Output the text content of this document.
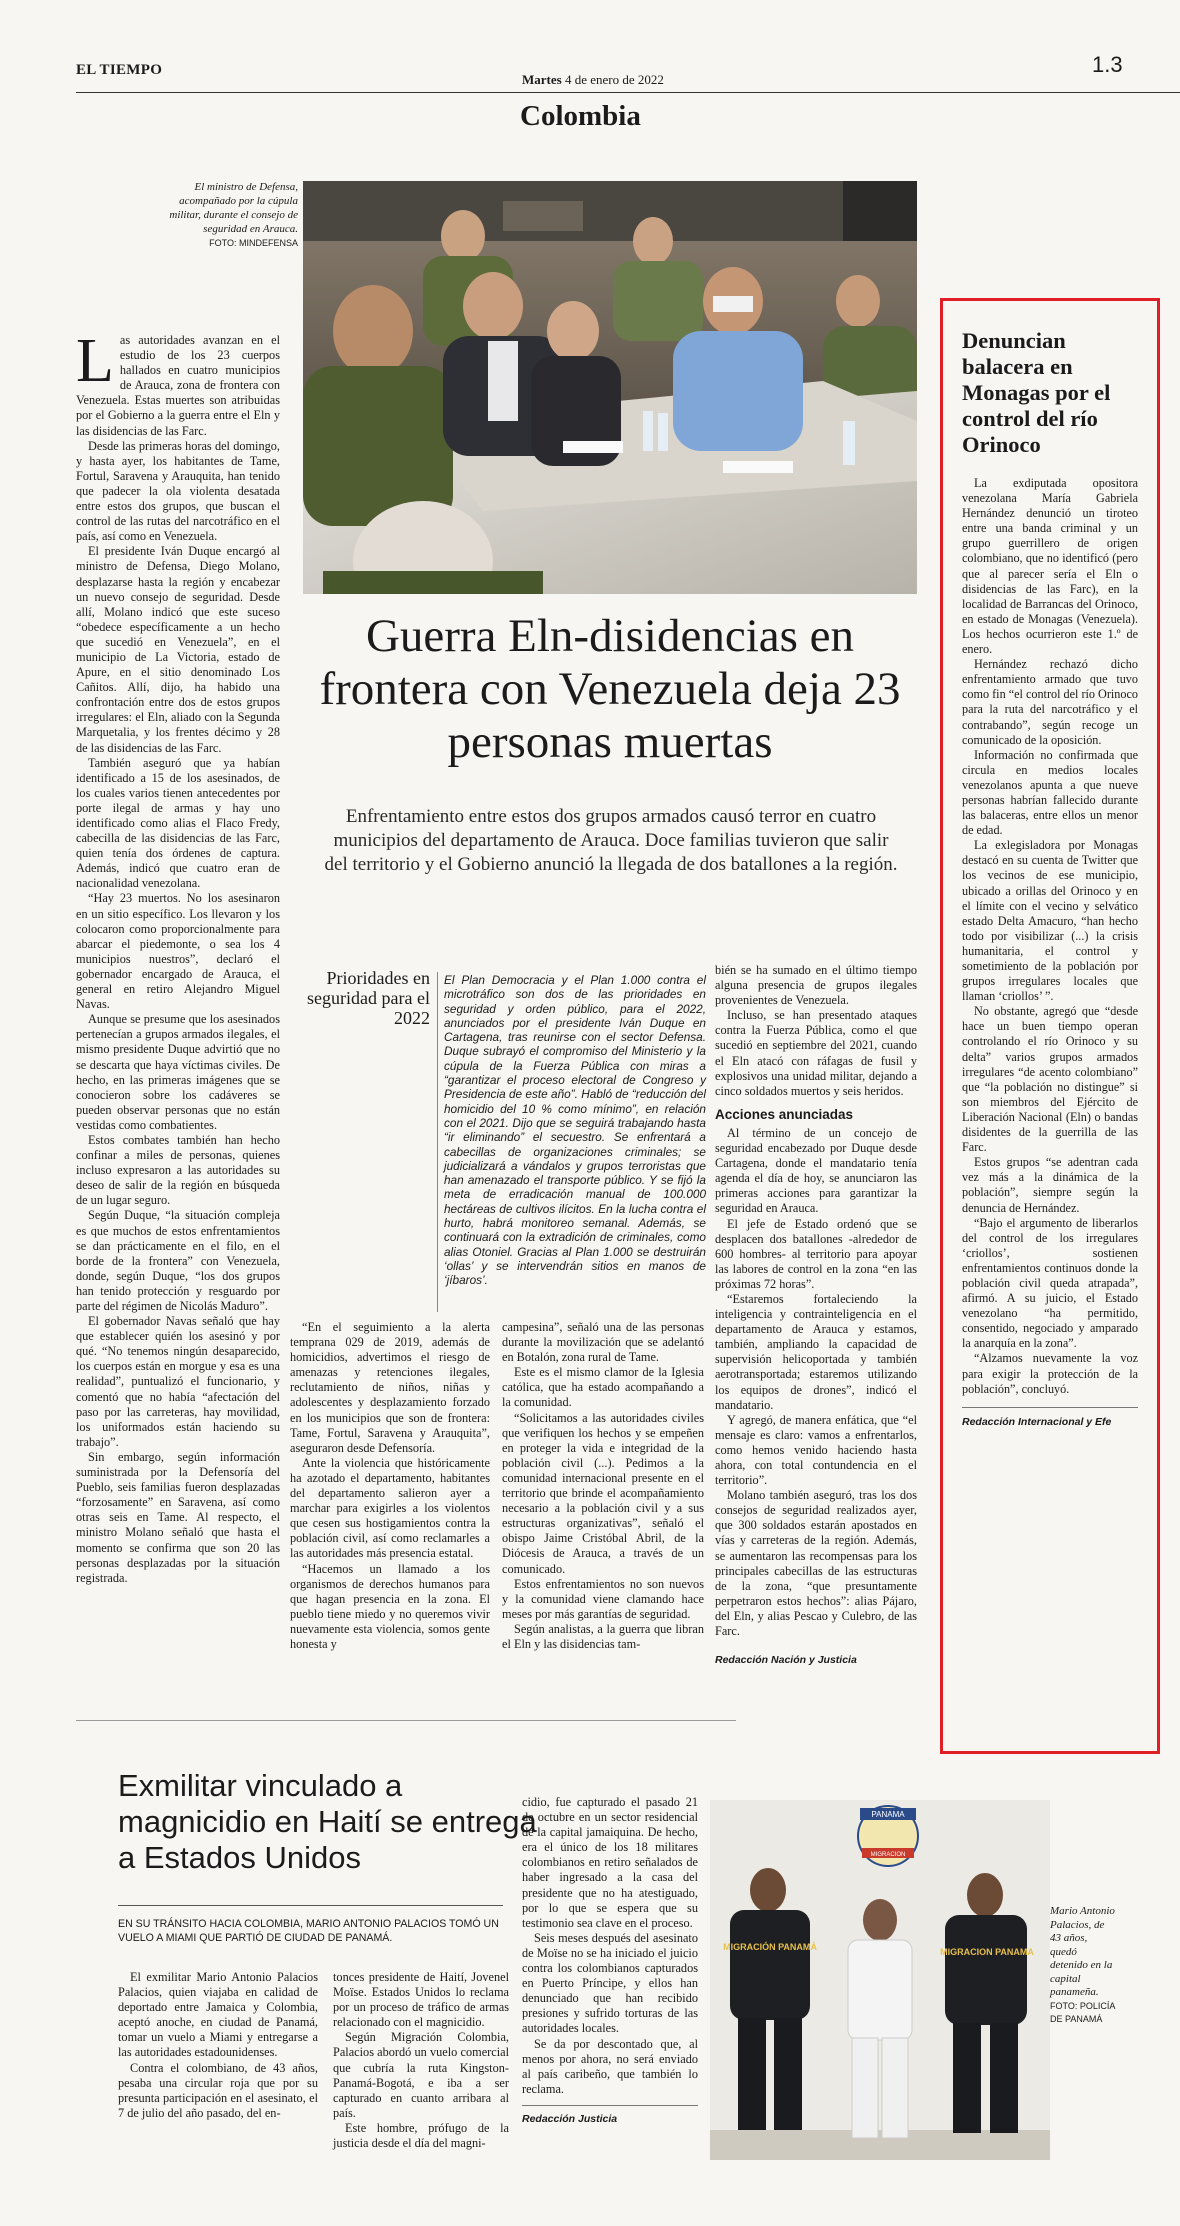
EL TIEMPO
Martes 4 de enero de 2022
1.3
Colombia
El ministro de Defensa, acompañado por la cúpula militar, durante el consejo de seguridad en Arauca.
FOTO: MINDEFENSA
L as autoridades avanzan en el estudio de los 23 cuerpos hallados en cuatro municipios de Arauca, zona de frontera con Venezuela. Estas muertes son atribuidas por el Gobierno a la guerra entre el Eln y las disidencias de las Farc.

Desde las primeras horas del domingo, y hasta ayer, los habitantes de Tame, Fortul, Saravena y Arauquita, han tenido que padecer la ola violenta desatada entre estos dos grupos, que buscan el control de las rutas del narcotráfico en el país, así como en Venezuela.

El presidente Iván Duque encargó al ministro de Defensa, Diego Molano, desplazarse hasta la región y encabezar un nuevo consejo de seguridad. Desde allí, Molano indicó que este suceso “obedece específicamente a un hecho que sucedió en Venezuela”, en el municipio de La Victoria, estado de Apure, en el sitio denominado Los Cañitos. Allí, dijo, ha habido una confrontación entre dos de estos grupos irregulares: el Eln, aliado con la Segunda Marquetalia, y los frentes décimo y 28 de las disidencias de las Farc.

También aseguró que ya habían identificado a 15 de los asesinados, de los cuales varios tienen antecedentes por porte ilegal de armas y hay uno identificado como alias el Flaco Fredy, cabecilla de las disidencias de las Farc, quien tenía dos órdenes de captura. Además, indicó que cuatro eran de nacionalidad venezolana.

“Hay 23 muertos. No los asesinaron en un sitio específico. Los llevaron y los colocaron como proporcionalmente para abarcar el piedemonte, o sea los 4 municipios nuestros”, declaró el gobernador encargado de Arauca, el general en retiro Alejandro Miguel Navas.

Aunque se presume que los asesinados pertenecían a grupos armados ilegales, el mismo presidente Duque advirtió que no se descarta que haya víctimas civiles. De hecho, en las primeras imágenes que se conocieron sobre los cadáveres se pueden observar personas que no están vestidas como combatientes.

Estos combates también han hecho confinar a miles de personas, quienes incluso expresaron a las autoridades su deseo de salir de la región en búsqueda de un lugar seguro.

Según Duque, “la situación compleja es que muchos de estos enfrentamientos se dan prácticamente en el filo, en el borde de la frontera” con Venezuela, donde, según Duque, “los dos grupos han tenido protección y resguardo por parte del régimen de Nicolás Maduro”.

El gobernador Navas señaló que hay que establecer quién los asesinó y por qué. “No tenemos ningún desaparecido, los cuerpos están en morgue y esa es una realidad”, puntualizó el funcionario, y comentó que no había “afectación del paso por las carreteras, hay movilidad, los uniformados están haciendo su trabajo”.

Sin embargo, según información suministrada por la Defensoría del Pueblo, seis familias fueron desplazadas “forzosamente” en Saravena, así como otras seis en Tame. Al respecto, el ministro Molano señaló que hasta el momento se confirma que son 20 las personas desplazadas por la situación registrada.

Guerra Eln-disidencias en frontera con Venezuela deja 23 personas muertas
Enfrentamiento entre estos dos grupos armados causó terror en cuatro municipios del departamento de Arauca. Doce familias tuvieron que salir del territorio y el Gobierno anunció la llegada de dos batallones a la región.
Prioridades en seguridad para el 2022
El Plan Democracia y el Plan 1.000 contra el microtráfico son dos de las prioridades en seguridad y orden público, para el 2022, anunciados por el presidente Iván Duque en Cartagena, tras reunirse con el sector Defensa. Duque subrayó el compromiso del Ministerio y la cúpula de la Fuerza Pública con miras a “garantizar el proceso electoral de Congreso y Presidencia de este año”. Habló de “reducción del homicidio del 10 % como mínimo”, en relación con el 2021. Dijo que se seguirá trabajando hasta “ir eliminando” el secuestro. Se enfrentará a cabecillas de organizaciones criminales; se judicializará a vándalos y grupos terroristas que han amenazado el transporte público. Y se fijó la meta de erradicación manual de 100.000 hectáreas de cultivos ilícitos. En la lucha contra el hurto, habrá monitoreo semanal. Además, se continuará con la extradición de criminales, como alias Otoniel. Gracias al Plan 1.000 se destruirán ‘ollas’ y se intervendrán sitios en manos de ‘jíbaros’.

bién se ha sumado en el último tiempo alguna presencia de grupos ilegales provenientes de Venezuela.

Incluso, se han presentado ataques contra la Fuerza Pública, como el que sucedió en septiembre del 2021, cuando el Eln atacó con ráfagas de fusil y explosivos una unidad militar, dejando a cinco soldados muertos y seis heridos.

Acciones anunciadas

Al término de un concejo de seguridad encabezado por Duque desde Cartagena, donde el mandatario tenía agenda el día de hoy, se anunciaron las primeras acciones para garantizar la seguridad en Arauca.

El jefe de Estado ordenó que se desplacen dos batallones -alrededor de 600 hombres- al territorio para apoyar las labores de control en la zona “en las próximas 72 horas”.

“Estaremos fortaleciendo la inteligencia y contrainteligencia en el departamento de Arauca y estamos, también, ampliando la capacidad de supervisión helicoportada y también aerotransportada; estaremos utilizando los equipos de drones”, indicó el mandatario.

Y agregó, de manera enfática, que “el mensaje es claro: vamos a enfrentarlos, como hemos venido haciendo hasta ahora, con total contundencia en el territorio”.

Molano también aseguró, tras los dos consejos de seguridad realizados ayer, que 300 soldados estarán apostados en vías y carreteras de la región. Además, se aumentaron las recompensas para los principales cabecillas de las estructuras de la zona, “que presuntamente perpetraron estos hechos”: alias Pájaro, del Eln, y alias Pescao y Culebro, de las Farc.

Redacción Nación y Justicia

“En el seguimiento a la alerta temprana 029 de 2019, además de homicidios, advertimos el riesgo de amenazas y retenciones ilegales, reclutamiento de niños, niñas y adolescentes y desplazamiento forzado en los municipios que son de frontera: Tame, Fortul, Saravena y Arauquita”, aseguraron desde Defensoría.

Ante la violencia que históricamente ha azotado el departamento, habitantes del departamento salieron ayer a marchar para exigirles a los violentos que cesen sus hostigamientos contra la población civil, así como reclamarles a las autoridades más presencia estatal.

“Hacemos un llamado a los organismos de derechos humanos para que hagan presencia en la zona. El pueblo tiene miedo y no queremos vivir nuevamente esta violencia, somos gente honesta y

campesina”, señaló una de las personas durante la movilización que se adelantó en Botalón, zona rural de Tame.

Este es el mismo clamor de la Iglesia católica, que ha estado acompañando a la comunidad.

“Solicitamos a las autoridades civiles que verifiquen los hechos y se empeñen en proteger la vida e integridad de la población civil (...). Pedimos a la comunidad internacional presente en el territorio que brinde el acompañamiento necesario a la población civil y a sus estructuras organizativas”, señaló el obispo Jaime Cristóbal Abril, de la Diócesis de Arauca, a través de un comunicado.

Estos enfrentamientos no son nuevos y la comunidad viene clamando hace meses por más garantías de seguridad.

Según analistas, a la guerra que libran el Eln y las disidencias tam-

Denuncian balacera en Monagas por el control del río Orinoco

La exdiputada opositora venezolana María Gabriela Hernández denunció un tiroteo entre una banda criminal y un grupo guerrillero de origen colombiano, que no identificó (pero que al parecer sería el Eln o disidencias de las Farc), en la localidad de Barrancas del Orinoco, en estado de Monagas (Venezuela). Los hechos ocurrieron este 1.º de enero.

Hernández rechazó dicho enfrentamiento armado que tuvo como fin “el control del río Orinoco para la ruta del narcotráfico y el contrabando”, según recoge un comunicado de la oposición.

Información no confirmada que circula en medios locales venezolanos apunta a que nueve personas habrían fallecido durante las balaceras, entre ellos un menor de edad.

La exlegisladora por Monagas destacó en su cuenta de Twitter que los vecinos de ese municipio, ubicado a orillas del Orinoco y en el límite con el vecino y selvático estado Delta Amacuro, “han hecho todo por visibilizar (...) la crisis humanitaria, el control y sometimiento de la población por grupos irregulares locales que llaman ‘criollos’ ”.

No obstante, agregó que “desde hace un buen tiempo operan controlando el río Orinoco y su delta” varios grupos armados irregulares “de acento colombiano” que “la población no distingue” si son miembros del Ejército de Liberación Nacional (Eln) o bandas disidentes de la guerrilla de las Farc.

Estos grupos “se adentran cada vez más a la dinámica de la población”, siempre según la denuncia de Hernández.

“Bajo el argumento de liberarlos del control de los irregulares ‘criollos’, sostienen enfrentamientos continuos donde la población civil queda atrapada”, afirmó. A su juicio, el Estado venezolano “ha permitido, consentido, negociado y amparado la anarquía en la zona”.

“Alzamos nuevamente la voz para exigir la protección de la población”, concluyó.

Redacción Internacional y Efe
Exmilitar vinculado a magnicidio en Haití se entrega a Estados Unidos
EN SU TRÁNSITO HACIA COLOMBIA, MARIO ANTONIO PALACIOS TOMÓ UN VUELO A MIAMI QUE PARTIÓ DE CIUDAD DE PANAMÁ.

El exmilitar Mario Antonio Palacios Palacios, quien viajaba en calidad de deportado entre Jamaica y Colombia, aceptó anoche, en ciudad de Panamá, tomar un vuelo a Miami y entregarse a las autoridades estadounidenses.

Contra el colombiano, de 43 años, pesaba una circular roja que por su presunta participación en el asesinato, el 7 de julio del año pasado, del en-

tonces presidente de Haití, Jovenel Moïse. Estados Unidos lo reclama por un proceso de tráfico de armas relacionado con el magnicidio.

Según Migración Colombia, Palacios abordó un vuelo comercial que cubría la ruta Kingston-Panamá-Bogotá, e iba a ser capturado en cuanto arribara al país.

Este hombre, prófugo de la justicia desde el día del magni-

cidio, fue capturado el pasado 21 de octubre en un sector residencial de la capital jamaiquina. De hecho, era el único de los 18 militares colombianos en retiro señalados de haber ingresado a la casa del presidente que no ha atestiguado, por lo que se espera que su testimonio sea clave en el proceso.

Seis meses después del asesinato de Moïse no se ha iniciado el juicio contra los colombianos capturados en Puerto Príncipe, y ellos han denunciado que han recibido presiones y sufrido torturas de las autoridades locales.

Se da por descontado que, al menos por ahora, no será enviado al país caribeño, que también lo reclama.

Redacción Justicia
PANAMA
MIGRACION
MIGRACIÓN PANAMÁ	MIGRACION PANAMA
Mario Antonio Palacios, de 43 años, quedó detenido en la capital panameña.
FOTO: POLICÍA DE PANAMÁ
